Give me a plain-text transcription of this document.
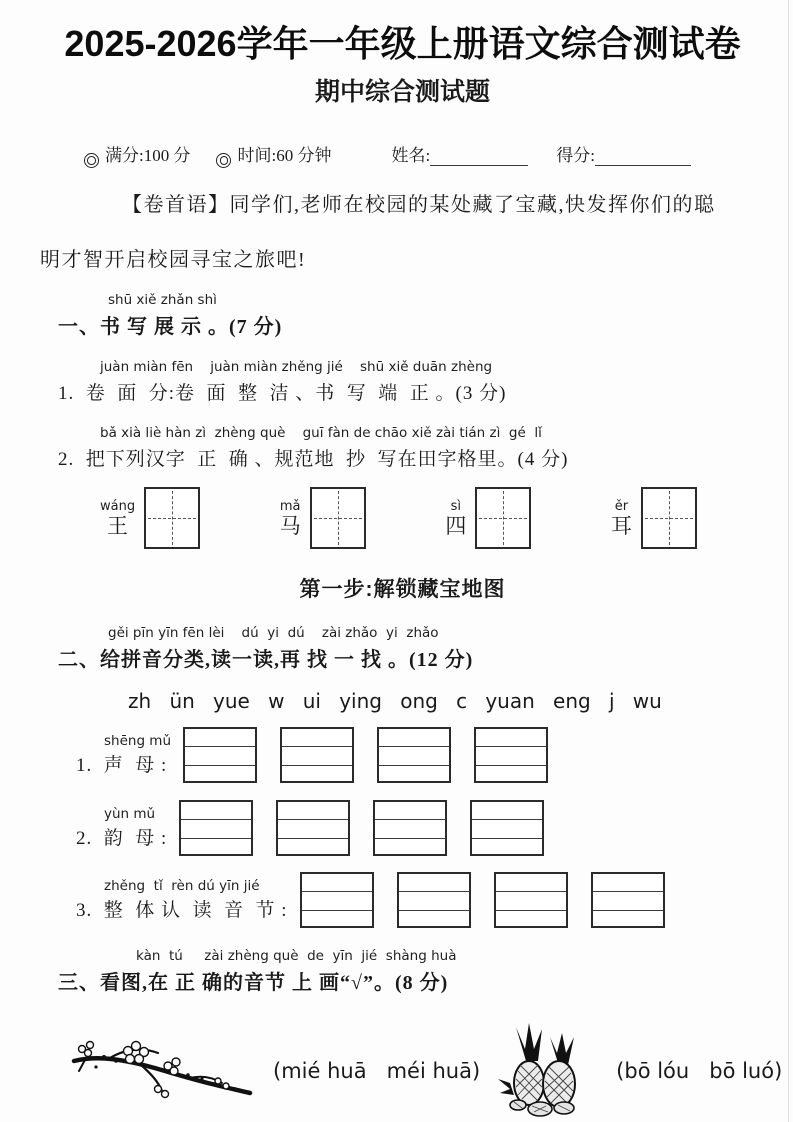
2025-2026学年一年级上册语文综合测试卷
期中综合测试题
满分:100 分	时间:60 分钟	姓名:	得分:
【卷首语】同学们,老师在校园的某处藏了宝藏,快发挥你们的聪
明才智开启校园寻宝之旅吧!
shū xiě zhǎn shì
一、书 写 展 示 。(7 分)
juàn miàn fēn    juàn miàn zhěng jié    shū xiě duān zhèng
1.  卷  面  分:卷  面  整  洁 、书  写  端  正 。(3 分)
bǎ xià liè hàn zì  zhèng què    guī fàn de chāo xiě zài tián zì  gé  lǐ
2.  把下列汉字  正  确 、规范地  抄  写在田字格里。(4 分)
wáng
王
mǎ
马
sì
四
ěr
耳
第一步:解锁藏宝地图
gěi pīn yīn fēn lèi    dú  yi  dú    zài zhǎo  yi  zhǎo
二、给拼音分类,读一读,再 找 一 找 。(12 分)
zh ün yue w ui ying ong c yuan eng j wu
shēng mǔ
1.  声  母 :
yùn mǔ
2.  韵  母 :
zhěng  tǐ  rèn dú yīn jié
3.  整  体 认  读  音  节 :
kàn  tú     zài zhèng què  de  yīn  jié  shàng huà
三、看图,在 正 确的音节 上 画“√”。(8 分)
(mié huā   méi huā)	(bō lóu   bō luó)
